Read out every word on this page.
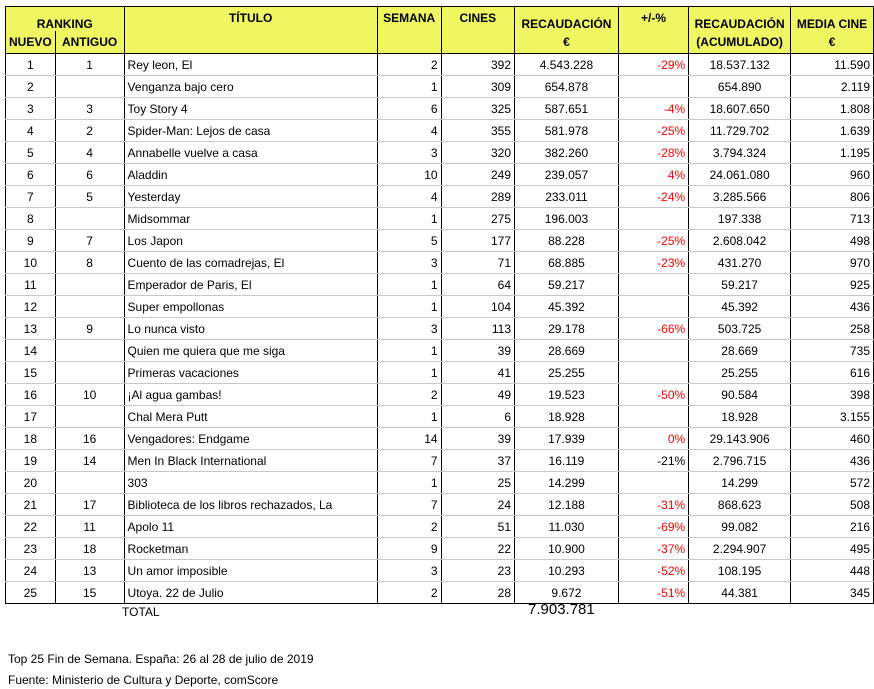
RANKING		TÍTULO	SEMANA	CINES	RECAUDACIÓN	+/-%	RECAUDACIÓN	MEDIA CINE
NUEVO	ANTIGUO				€		(ACUMULADO)	€
1	1	Rey leon, El	2	392	4.543.228	-29%	18.537.132	11.590
2		Venganza bajo cero	1	309	654.878		654.890	2.119
3	3	Toy Story 4	6	325	587.651	-4%	18.607.650	1.808
4	2	Spider-Man: Lejos de casa	4	355	581.978	-25%	11.729.702	1.639
5	4	Annabelle vuelve a casa	3	320	382.260	-28%	3.794.324	1.195
6	6	Aladdin	10	249	239.057	4%	24.061.080	960
7	5	Yesterday	4	289	233.011	-24%	3.285.566	806
8		Midsommar	1	275	196.003		197.338	713
9	7	Los Japon	5	177	88.228	-25%	2.608.042	498
10	8	Cuento de las comadrejas, El	3	71	68.885	-23%	431.270	970
11		Emperador de Paris, El	1	64	59.217		59.217	925
12		Super empollonas	1	104	45.392		45.392	436
13	9	Lo nunca visto	3	113	29.178	-66%	503.725	258
14		Quien me quiera que me siga	1	39	28.669		28.669	735
15		Primeras vacaciones	1	41	25.255		25.255	616
16	10	¡Al agua gambas!	2	49	19.523	-50%	90.584	398
17		Chal Mera Putt	1	6	18.928		18.928	3.155
18	16	Vengadores: Endgame	14	39	17.939	0%	29.143.906	460
19	14	Men In Black International	7	37	16.119	-21%	2.796.715	436
20		303	1	25	14.299		14.299	572
21	17	Biblioteca de los libros rechazados, La	7	24	12.188	-31%	868.623	508
22	11	Apolo 11	2	51	11.030	-69%	99.082	216
23	18	Rocketman	9	22	10.900	-37%	2.294.907	495
24	13	Un amor imposible	3	23	10.293	-52%	108.195	448
25	15	Utoya. 22 de Julio	2	28	9.672	-51%	44.381	345
TOTAL	7.903.781
Top 25 Fin de Semana. España: 26 al 28 de julio de 2019
Fuente: Ministerio de Cultura y Deporte, comScore
